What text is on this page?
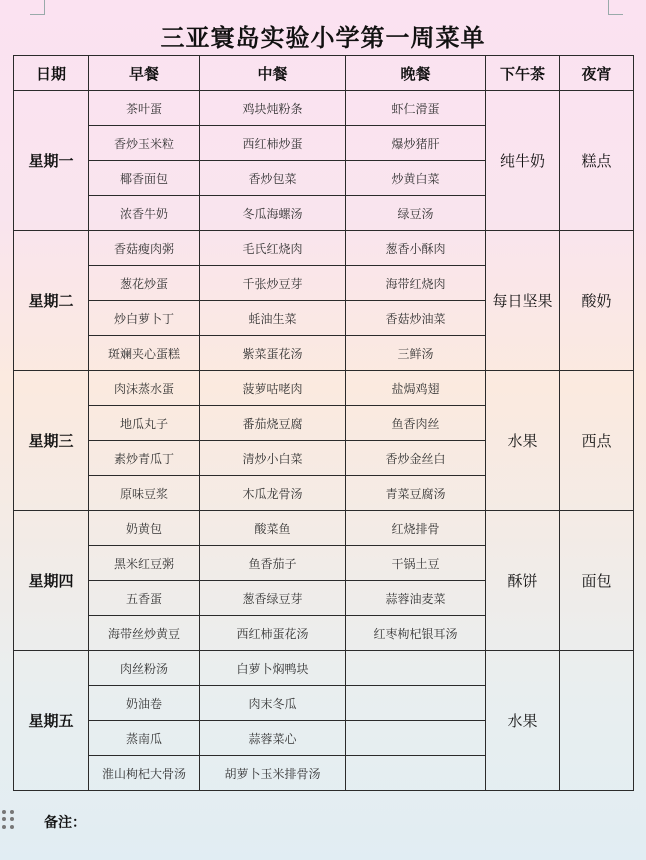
三亚寰岛实验小学第一周菜单
日期	早餐	中餐	晚餐	下午茶	夜宵
星期一	茶叶蛋	鸡块炖粉条	虾仁滑蛋	纯牛奶	糕点
	香炒玉米粒	西红柿炒蛋	爆炒猪肝		
	椰香面包	香炒包菜	炒黄白菜		
	浓香牛奶	冬瓜海螺汤	绿豆汤		
星期二	香菇瘦肉粥	毛氏红烧肉	葱香小酥肉	每日坚果	酸奶
	葱花炒蛋	千张炒豆芽	海带红烧肉		
	炒白萝卜丁	蚝油生菜	香菇炒油菜		
	斑斓夹心蛋糕	紫菜蛋花汤	三鲜汤		
星期三	肉沫蒸水蛋	菠萝咕咾肉	盐焗鸡翅	水果	西点
	地瓜丸子	番茄烧豆腐	鱼香肉丝		
	素炒青瓜丁	清炒小白菜	香炒金丝白		
	原味豆浆	木瓜龙骨汤	青菜豆腐汤		
星期四	奶黄包	酸菜鱼	红烧排骨	酥饼	面包
	黑米红豆粥	鱼香茄子	干锅土豆		
	五香蛋	葱香绿豆芽	蒜蓉油麦菜		
	海带丝炒黄豆	西红柿蛋花汤	红枣枸杞银耳汤		
星期五	肉丝粉汤	白萝卜焖鸭块		水果	
	奶油卷	肉末冬瓜			
	蒸南瓜	蒜蓉菜心			
	淮山枸杞大骨汤	胡萝卜玉米排骨汤			
备注：
